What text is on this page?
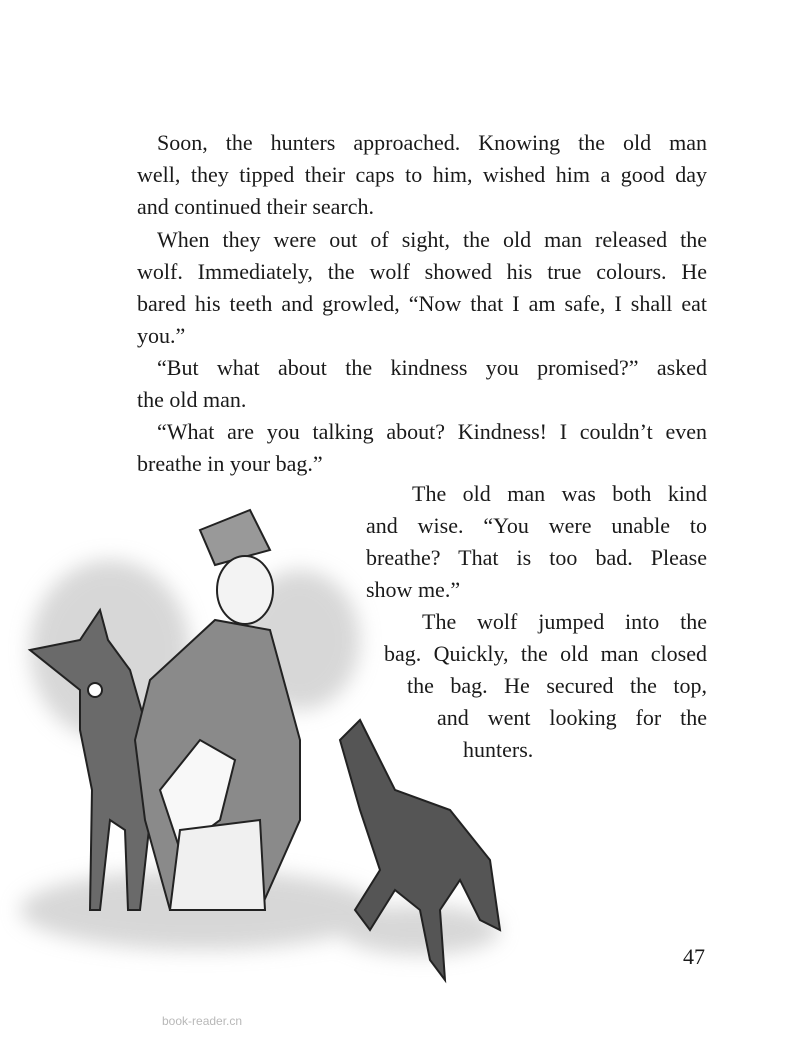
Soon, the hunters approached. Knowing the old man
well, they tipped their caps to him, wished him a good day
and continued their search.
When they were out of sight, the old man released the
wolf. Immediately, the wolf showed his true colours. He
bared his teeth and growled, “Now that I am safe, I shall eat
you.”
“But what about the kindness you promised?” asked
the old man.
“What are you talking about? Kindness! I couldn’t even
breathe in your bag.”
The old man was both kind
and wise. “You were unable to
breathe? That is too bad. Please
show me.”
The wolf jumped into the
bag. Quickly, the old man closed
the bag. He secured the top,
and went looking for the
hunters.
47
book-reader.cn
